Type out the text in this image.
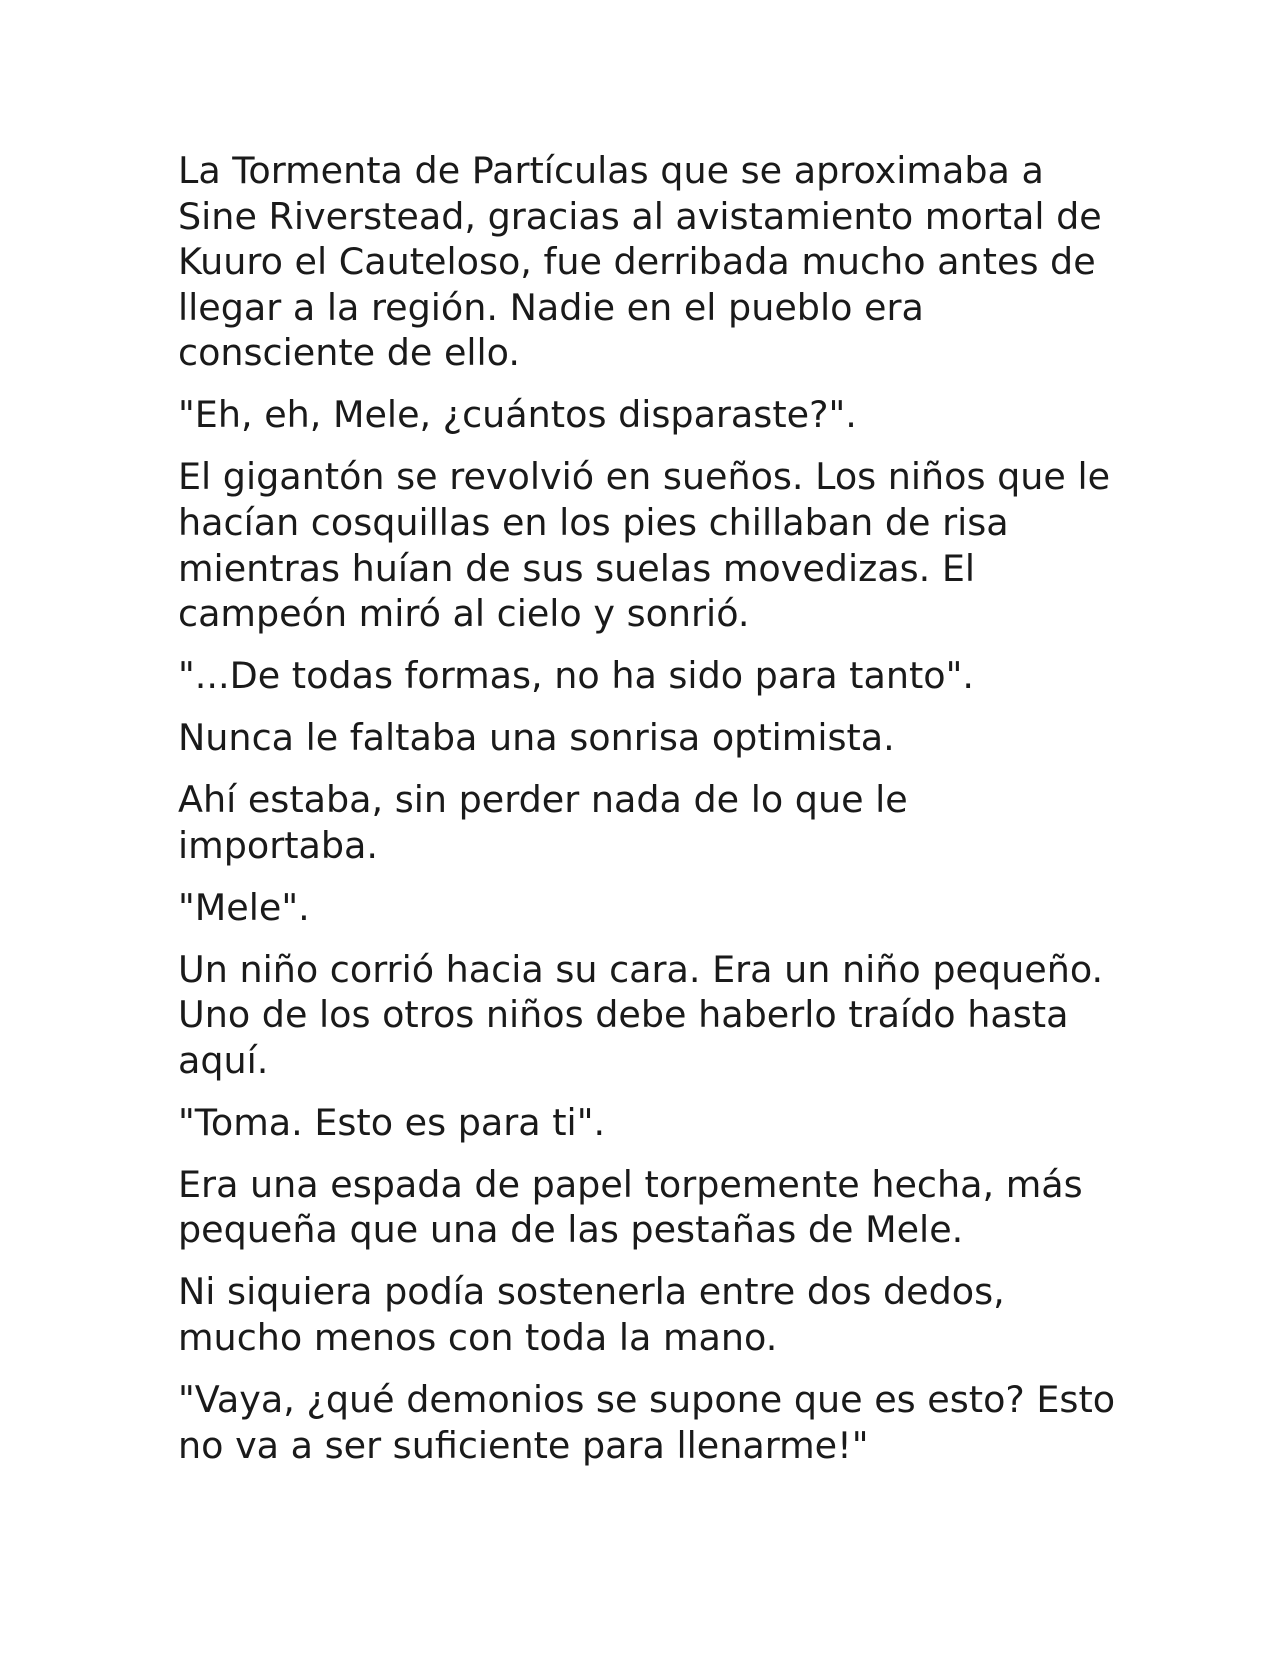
La Tormenta de Partículas que se aproximaba a Sine Riverstead, gracias al avistamiento mortal de Kuuro el Cauteloso, fue derribada mucho antes de llegar a la región. Nadie en el pueblo era consciente de ello.

"Eh, eh, Mele, ¿cuántos disparaste?".

El gigantón se revolvió en sueños. Los niños que le hacían cosquillas en los pies chillaban de risa mientras huían de sus suelas movedizas. El campeón miró al cielo y sonrió.

"...De todas formas, no ha sido para tanto".

Nunca le faltaba una sonrisa optimista.

Ahí estaba, sin perder nada de lo que le importaba.

"Mele".

Un niño corrió hacia su cara. Era un niño pequeño. Uno de los otros niños debe haberlo traído hasta aquí.

"Toma. Esto es para ti".

Era una espada de papel torpemente hecha, más pequeña que una de las pestañas de Mele.

Ni siquiera podía sostenerla entre dos dedos, mucho menos con toda la mano.

"Vaya, ¿qué demonios se supone que es esto? Esto no va a ser suficiente para llenarme!"
